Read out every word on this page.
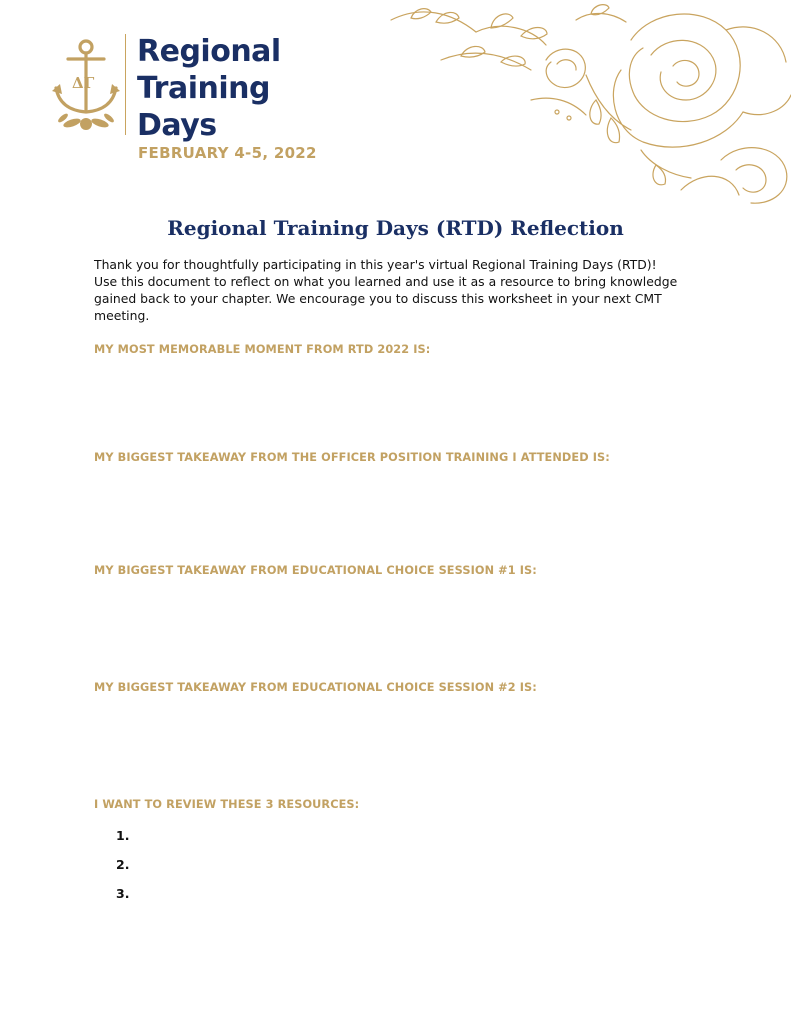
ΔΓ
Regional
Training
Days
FEBRUARY 4-5, 2022
Regional Training Days (RTD) Reflection
Thank you for thoughtfully participating in this year's virtual Regional Training Days (RTD)! Use this document to reflect on what you learned and use it as a resource to bring knowledge gained back to your chapter. We encourage you to discuss this worksheet in your next CMT meeting.
MY MOST MEMORABLE MOMENT FROM RTD 2022 IS:
MY BIGGEST TAKEAWAY FROM THE OFFICER POSITION TRAINING I ATTENDED IS:
MY BIGGEST TAKEAWAY FROM EDUCATIONAL CHOICE SESSION #1 IS:
MY BIGGEST TAKEAWAY FROM EDUCATIONAL CHOICE SESSION #2 IS:
I WANT TO REVIEW THESE 3 RESOURCES:
1.
2.
3.
